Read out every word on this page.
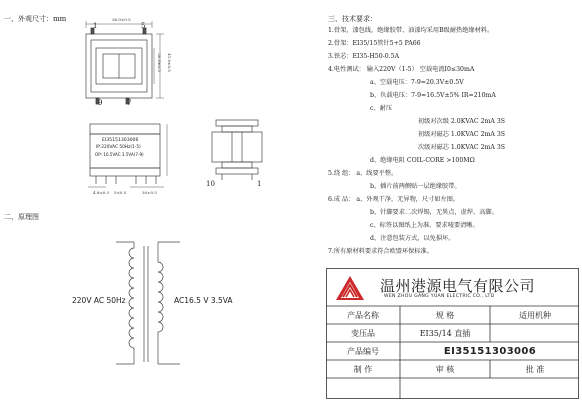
一、外观尺寸：mm
二、原理图
三、技术要求：
36.0±0.5
41.0±0.5
30.0±0.5
1	5
9	7
EI35151303006
IP:220VAC 50Hz(1-5)
OP: 16.5VAC 3.5VA(7-9)
4.8±0.5 5±0.5	30±0.5
10	1
220V AC 50Hz	AC16.5 V 3.5VA
1.骨架，漆包线，绝缘胶带、油漆均采用B级耐热绝缘材料。
2.骨架：EI35/15管针5+5 PA66
3.铁芯：EI35-H50-0.5A
4.电性测试： 输入220V（1-5） 空载电流I0≤30mA
a、空载电压：7-9=20.3V±0.5V
b、负载电压：7-9=16.5V±5% IR=210mA
c、耐压
初级对次级 2.0KVAC 2mA 3S
初级对磁芯 1.0KVAC 2mA 3S
次级对磁芯 1.0KVAC 2mA 3S
d、绝缘电阻 COIL-CORE >100MΩ
5.绕 组： a、线要平整。
b、插片前两侧贴一层绝缘胶带。
6.成 品： a、外观干净，无异物，尺寸如左图。
b、针脚要求二次焊锡，无異点，虚焊、高脚。
c、标签以图纸上为准，要求唛要清晰。
d、注意包装方式，以免損坏。
7.所有原材料要求符合欧盟环保标准。
温州港源电气有限公司
WEN ZHOU GANG YUAN ELECTRIC CO., LTD
产品名称	规 格	适用机种
变压品	EI35/14 直插
产品编号	EI35151303006
制 作	审 核	批 准
